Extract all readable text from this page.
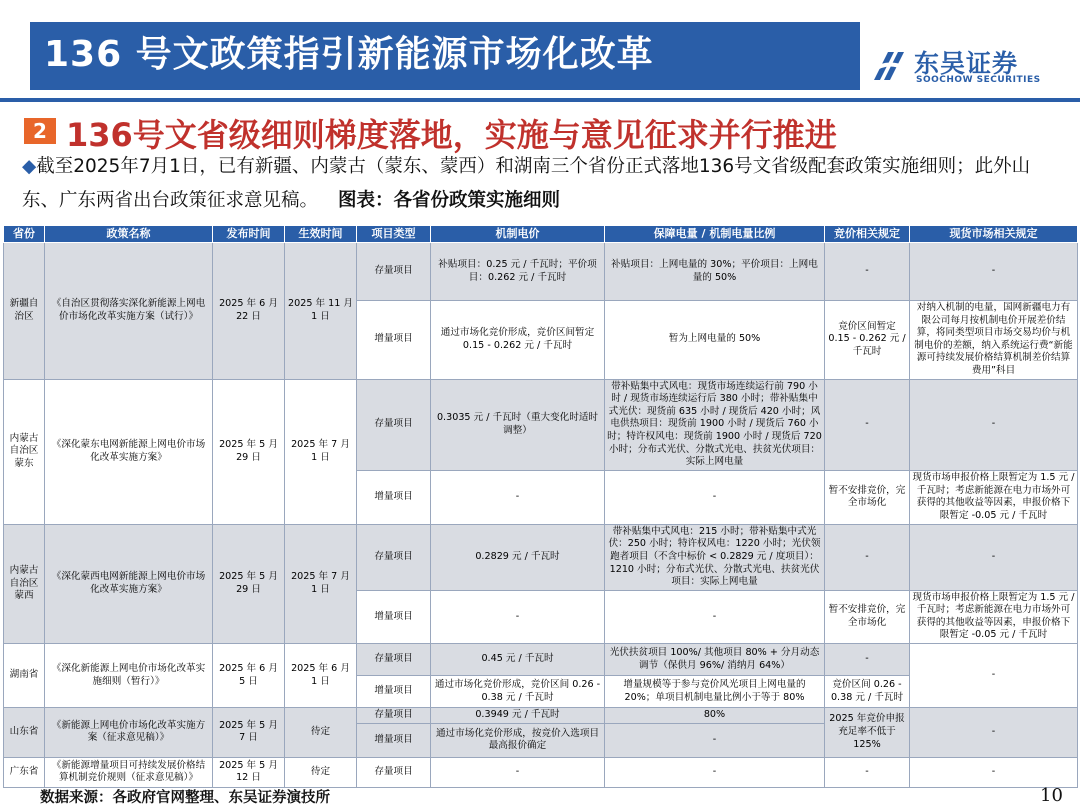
136 号文政策指引新能源市场化改革	东吴证券
SOOCHOW SECURITIES
2 136号文省级细则梯度落地，实施与意见征求并行推进
◆截至2025年7月1日，已有新疆、内蒙古（蒙东、蒙西）和湖南三个省份正式落地136号文省级配套政策实施细则；此外山东、广东两省出台政策征求意见稿。 图表：各省份政策实施细则
省份	政策名称	发布时间	生效时间	项目类型	机制电价	保障电量 / 机制电量比例	竞价相关规定	现货市场相关规定
新疆自治区	《自治区贯彻落实深化新能源上网电价市场化改革实施方案（试行）》	2025 年 6 月 22 日	2025 年 11 月 1 日	存量项目	补贴项目：0.25 元 / 千瓦时；平价项目：0.262 元 / 千瓦时	补贴项目：上网电量的 30%；平价项目：上网电量的 50%	-	-
				增量项目	通过市场化竞价形成，竞价区间暂定 0.15 - 0.262 元 / 千瓦时	暂为上网电量的 50%	竞价区间暂定 0.15 - 0.262 元 / 千瓦时	对纳入机制的电量，国网新疆电力有限公司每月按机制电价开展差价结算，将同类型项目市场交易均价与机制电价的差额，纳入系统运行费“新能源可持续发展价格结算机制差价结算费用”科目
内蒙古自治区蒙东	《深化蒙东电网新能源上网电价市场化改革实施方案》	2025 年 5 月 29 日	2025 年 7 月 1 日	存量项目	0.3035 元 / 千瓦时（重大变化时适时调整）	带补贴集中式风电：现货市场连续运行前 790 小时 / 现货市场连续运行后 380 小时；带补贴集中式光伏：现货前 635 小时 / 现货后 420 小时；风电供热项目：现货前 1900 小时 / 现货后 760 小时；特许权风电：现货前 1900 小时 / 现货后 720 小时；分布式光伏、分散式光电、扶贫光伏项目：实际上网电量	-	-
				增量项目	-	-	暂不安排竞价，完全市场化	现货市场申报价格上限暂定为 1.5 元 / 千瓦时；考虑新能源在电力市场外可获得的其他收益等因素，申报价格下限暂定 -0.05 元 / 千瓦时
内蒙古自治区蒙西	《深化蒙西电网新能源上网电价市场化改革实施方案》	2025 年 5 月 29 日	2025 年 7 月 1 日	存量项目	0.2829 元 / 千瓦时	带补贴集中式风电：215 小时；带补贴集中式光伏：250 小时；特许权风电：1220 小时；光伏领跑者项目（不含中标价 < 0.2829 元 / 度项目）：1210 小时；分布式光伏、分散式光电、扶贫光伏项目：实际上网电量	-	-
				增量项目	-	-	暂不安排竞价，完全市场化	现货市场申报价格上限暂定为 1.5 元 / 千瓦时；考虑新能源在电力市场外可获得的其他收益等因素，申报价格下限暂定 -0.05 元 / 千瓦时
湖南省	《深化新能源上网电价市场化改革实施细则（暂行）》	2025 年 6 月 5 日	2025 年 6 月 1 日	存量项目	0.45 元 / 千瓦时	光伏扶贫项目 100%/ 其他项目 80% + 分月动态调节（保供月 96%/ 消纳月 64%）	-	-
				增量项目	通过市场化竞价形成，竞价区间 0.26 - 0.38 元 / 千瓦时	增量规模等于参与竞价风光项目上网电量的 20%；单项目机制电量比例小于等于 80%	竞价区间 0.26 - 0.38 元 / 千瓦时	
山东省	《新能源上网电价市场化改革实施方案（征求意见稿）》	2025 年 5 月 7 日	待定	存量项目	0.3949 元 / 千瓦时	80%	2025 年竞价申报充足率不低于 125%	-
				增量项目	通过市场化竞价形成，按竞价入选项目最高报价确定	-		
广东省	《新能源增量项目可持续发展价格结算机制竞价规则（征求意见稿）》	2025 年 5 月 12 日	待定	存量项目	-	-	-	-
数据来源：各政府官网整理、东吴证券演技所	10
